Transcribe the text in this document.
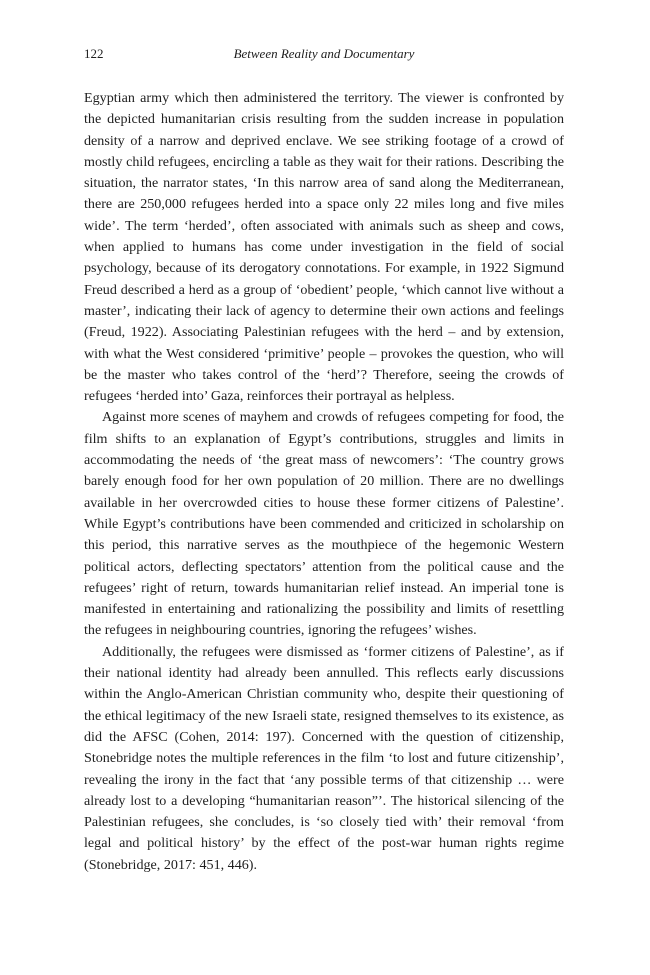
122	Between Reality and Documentary

Egyptian army which then administered the territory. The viewer is confronted by the depicted humanitarian crisis resulting from the sudden increase in population density of a narrow and deprived enclave. We see striking footage of a crowd of mostly child refugees, encircling a table as they wait for their rations. Describing the situation, the narrator states, ‘In this narrow area of sand along the Mediterranean, there are 250,000 refugees herded into a space only 22 miles long and five miles wide’. The term ‘herded’, often associated with animals such as sheep and cows, when applied to humans has come under investigation in the field of social psychology, because of its derogatory connotations. For example, in 1922 Sigmund Freud described a herd as a group of ‘obedient’ people, ‘which cannot live without a master’, indicating their lack of agency to determine their own actions and feelings (Freud, 1922). Associating Palestinian refugees with the herd – and by extension, with what the West considered ‘primitive’ people – provokes the question, who will be the master who takes control of the ‘herd’? Therefore, seeing the crowds of refugees ‘herded into’ Gaza, reinforces their portrayal as helpless.

Against more scenes of mayhem and crowds of refugees competing for food, the film shifts to an explanation of Egypt’s contributions, struggles and limits in accommodating the needs of ‘the great mass of newcomers’: ‘The country grows barely enough food for her own population of 20 million. There are no dwellings available in her overcrowded cities to house these former citizens of Palestine’. While Egypt’s contributions have been commended and criticized in scholarship on this period, this narrative serves as the mouthpiece of the hegemonic Western political actors, deflecting spectators’ attention from the political cause and the refugees’ right of return, towards humanitarian relief instead. An imperial tone is manifested in entertaining and rationalizing the possibility and limits of resettling the refugees in neighbouring countries, ignoring the refugees’ wishes.

Additionally, the refugees were dismissed as ‘former citizens of Palestine’, as if their national identity had already been annulled. This reflects early discussions within the Anglo-American Christian community who, despite their questioning of the ethical legitimacy of the new Israeli state, resigned themselves to its existence, as did the AFSC (Cohen, 2014: 197). Concerned with the question of citizenship, Stonebridge notes the multiple references in the film ‘to lost and future citizenship’, revealing the irony in the fact that ‘any possible terms of that citizenship … were already lost to a developing “humanitarian reason”’. The historical silencing of the Palestinian refugees, she concludes, is ‘so closely tied with’ their removal ‘from legal and political history’ by the effect of the post-war human rights regime (Stonebridge, 2017: 451, 446).
